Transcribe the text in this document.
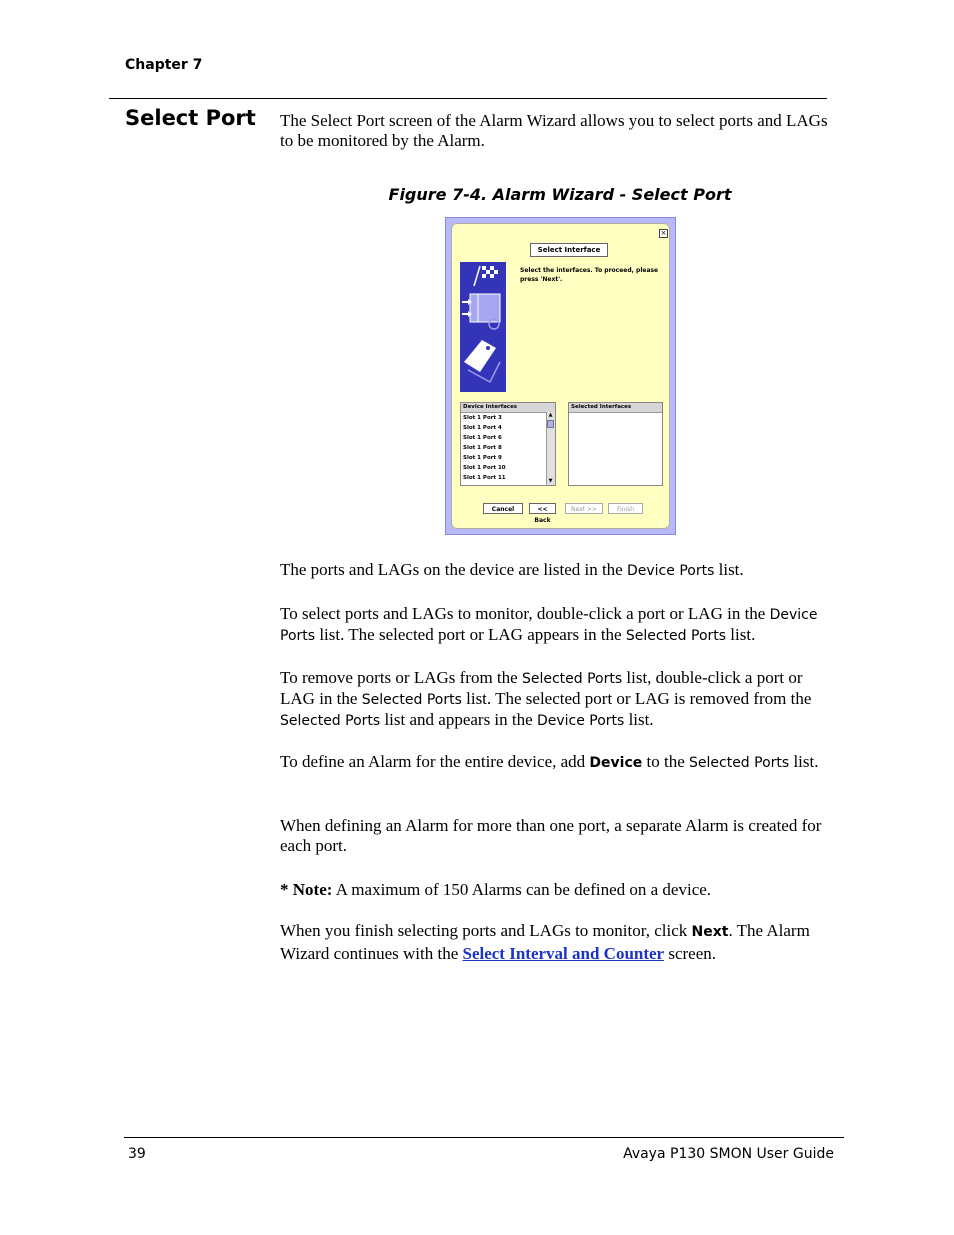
Chapter 7
Select Port The Select Port screen of the Alarm Wizard allows you to select ports and LAGs to be monitored by the Alarm.
Figure 7-4. Alarm Wizard - Select Port
×
Select Interface
Select the interfaces. To proceed, please press 'Next'.
Device Interfaces
Slot 1 Port 3
Slot 1 Port 4
Slot 1 Port 6
Slot 1 Port 8
Slot 1 Port 9
Slot 1 Port 10
Slot 1 Port 11
▲
▼
Selected Interfaces
Cancel	<< Back
Next >>	Finish
The ports and LAGs on the device are listed in the Device Ports list.
To select ports and LAGs to monitor, double-click a port or LAG in the Device Ports list. The selected port or LAG appears in the Selected Ports list.
To remove ports or LAGs from the Selected Ports list, double-click a port or LAG in the Selected Ports list. The selected port or LAG is removed from the Selected Ports list and appears in the Device Ports list.
To define an Alarm for the entire device, add Device to the Selected Ports list.
When defining an Alarm for more than one port, a separate Alarm is created for each port.
* Note: A maximum of 150 Alarms can be defined on a device.
When you finish selecting ports and LAGs to monitor, click Next. The Alarm Wizard continues with the Select Interval and Counter screen.
39	Avaya P130 SMON User Guide
